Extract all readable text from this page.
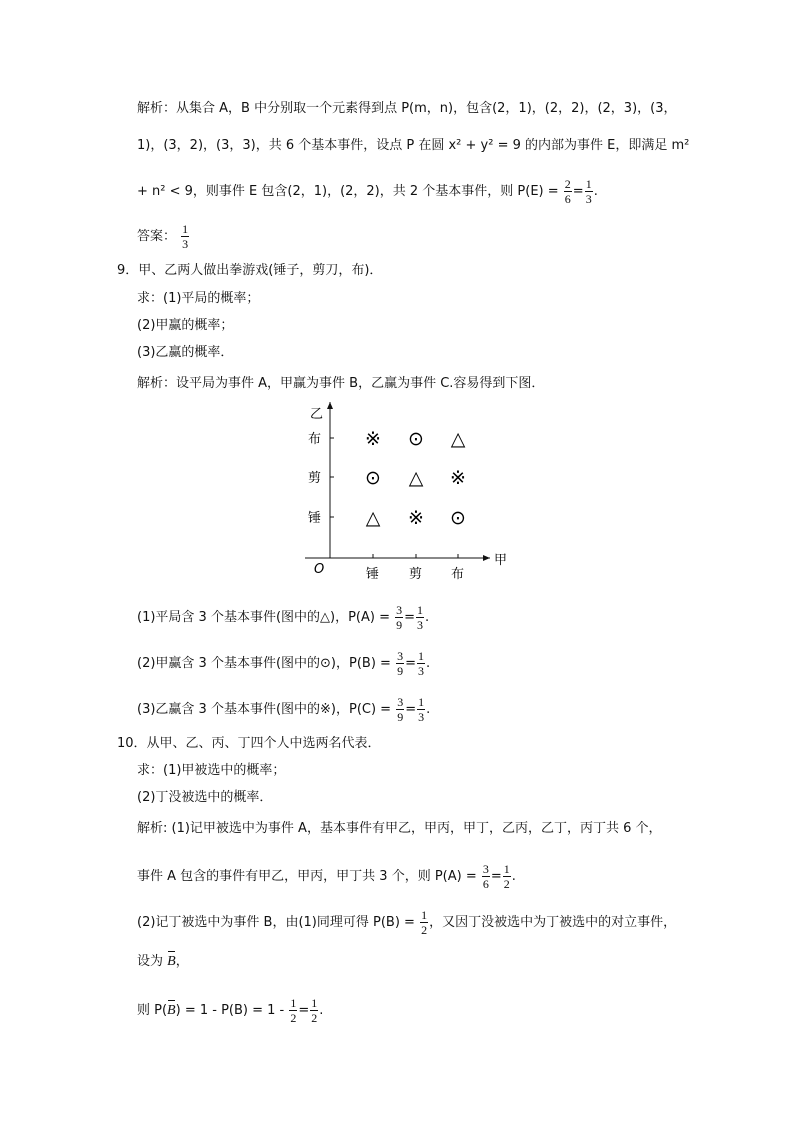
解析：从集合 A，B 中分别取一个元素得到点 P(m，n)，包含(2，1)，(2，2)，(2，3)，(3，
1)，(3，2)，(3，3)，共 6 个基本事件，设点 P 在圆 x² + y² = 9 的内部为事件 E，即满足 m²
+ n² < 9，则事件 E 包含(2，1)，(2，2)，共 2 个基本事件，则 $P(E) = \frac{2}{6} = \frac{1}{3}$ .
答案： $\frac{1}{3}$
9．甲、乙两人做出拳游戏(锤子，剪刀，布)．
求：(1)平局的概率；
(2)甲赢的概率；
(3)乙赢的概率．
解析：设平局为事件 A，甲赢为事件 B，乙赢为事件 C.容易得到下图．
乙
甲
O
布
剪
锤
锤 剪 布
※ ⊙ △
⊙ △ ※
△ ※ ⊙
(1)平局含 3 个基本事件(图中的△)，$P(A) = \frac{3}{9} = \frac{1}{3}$ .
(2)甲赢含 3 个基本事件(图中的⊙)，$P(B) = \frac{3}{9} = \frac{1}{3}$ .
(3)乙赢含 3 个基本事件(图中的※)，$P(C) = \frac{3}{9} = \frac{1}{3}$ .
10．从甲、乙、丙、丁四个人中选两名代表．
求：(1)甲被选中的概率；
(2)丁没被选中的概率．
解析: (1)记甲被选中为事件 A，基本事件有甲乙，甲丙，甲丁，乙丙，乙丁，丙丁共 6 个，
事件 A 包含的事件有甲乙，甲丙，甲丁共 3 个，则 $P(A) = \frac{3}{6} = \frac{1}{2}$ .
(2)记丁被选中为事件 B，由(1)同理可得 $P(B) = \frac{1}{2}$ ，又因丁没被选中为丁被选中的对立事件，
设为 B，
则 $P(B) = 1 - P(B) = 1 - \frac{1}{2} = \frac{1}{2}$ .
